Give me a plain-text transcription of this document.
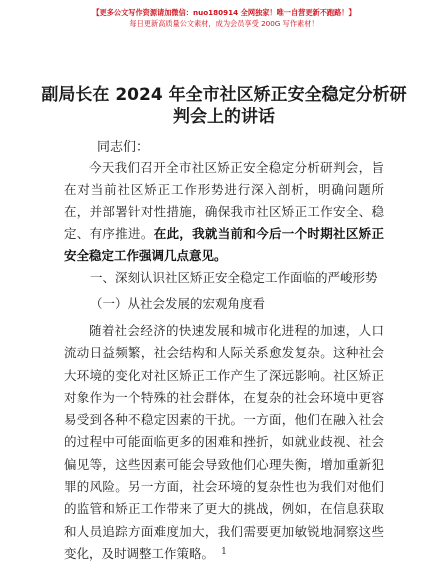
【更多公文写作资源请加微信：nuo180914 全网独家！唯一自营更新不跑路！】
每日更新高质量公文素材，成为会员享受 200G 写作素材！
副局长在 2024 年全市社区矫正安全稳定分析研判会上的讲话
同志们：
今天我们召开全市社区矫正安全稳定分析研判会，旨在对当前社区矫正工作形势进行深入剖析，明确问题所在，并部署针对性措施，确保我市社区矫正工作安全、稳定、有序推进。在此，我就当前和今后一个时期社区矫正安全稳定工作强调几点意见。
一、深刻认识社区矫正安全稳定工作面临的严峻形势
（一）从社会发展的宏观角度看
随着社会经济的快速发展和城市化进程的加速，人口流动日益频繁，社会结构和人际关系愈发复杂。这种社会大环境的变化对社区矫正工作产生了深远影响。社区矫正对象作为一个特殊的社会群体，在复杂的社会环境中更容易受到各种不稳定因素的干扰。一方面，他们在融入社会的过程中可能面临更多的困难和挫折，如就业歧视、社会偏见等，这些因素可能会导致他们心理失衡，增加重新犯罪的风险。另一方面，社会环境的复杂性也为我们对他们的监管和矫正工作带来了更大的挑战，例如，在信息获取和人员追踪方面难度加大，我们需要更加敏锐地洞察这些变化，及时调整工作策略。 1
